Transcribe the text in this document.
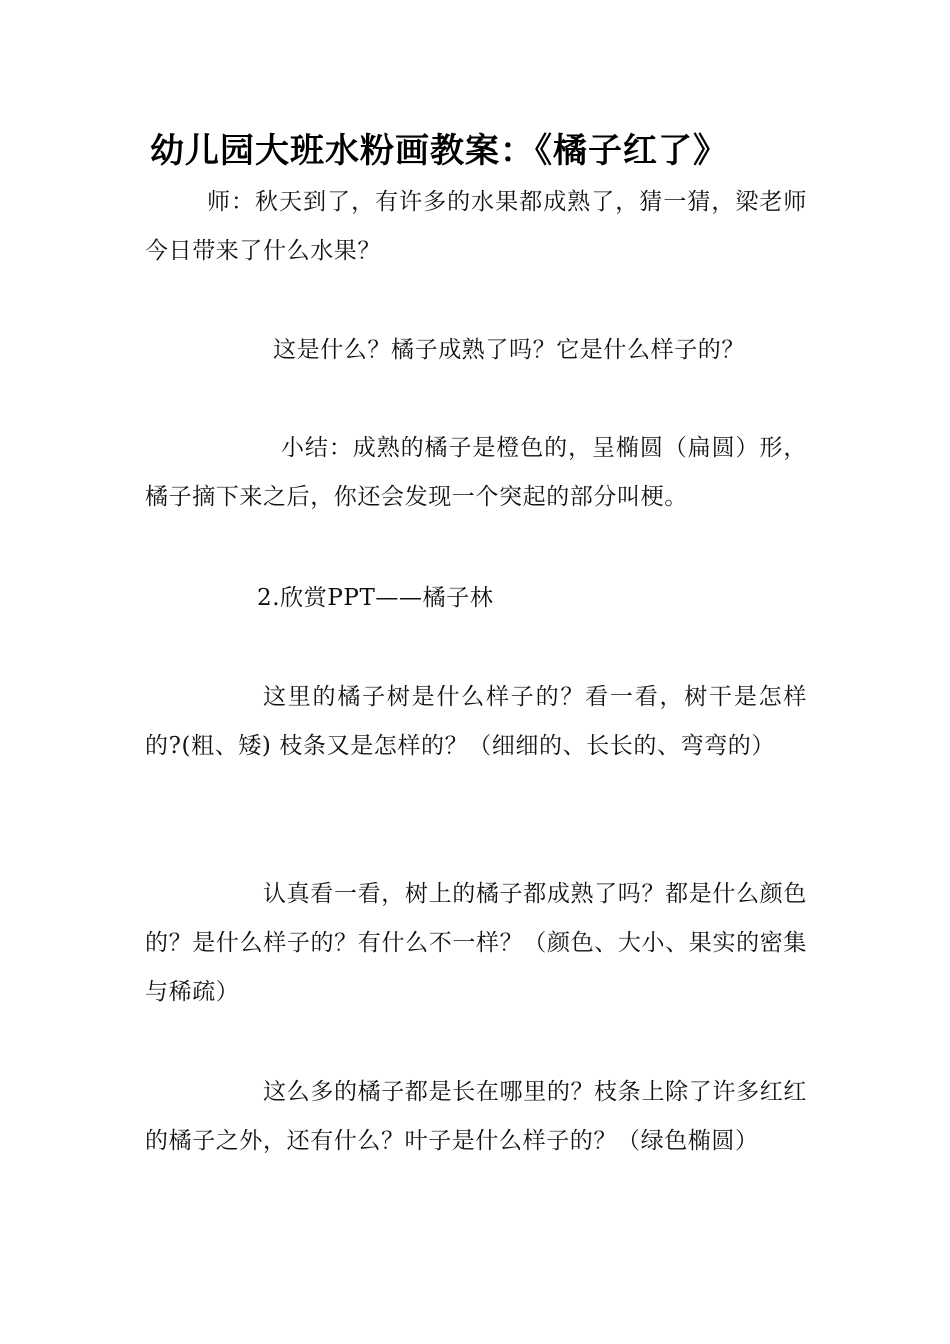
幼儿园大班水粉画教案：《橘子红了》

师：秋天到了，有许多的水果都成熟了，猜一猜，梁老师今日带来了什么水果？

这是什么？橘子成熟了吗？它是什么样子的？

小结：成熟的橘子是橙色的，呈椭圆（扁圆）形，橘子摘下来之后，你还会发现一个突起的部分叫梗。

2.欣赏PPT——橘子林

这里的橘子树是什么样子的？看一看，树干是怎样的?(粗、矮) 枝条又是怎样的？（细细的、长长的、弯弯的）

认真看一看，树上的橘子都成熟了吗？都是什么颜色的？是什么样子的？有什么不一样？（颜色、大小、果实的密集与稀疏）

这么多的橘子都是长在哪里的？枝条上除了许多红红的橘子之外，还有什么？叶子是什么样子的？（绿色椭圆）
